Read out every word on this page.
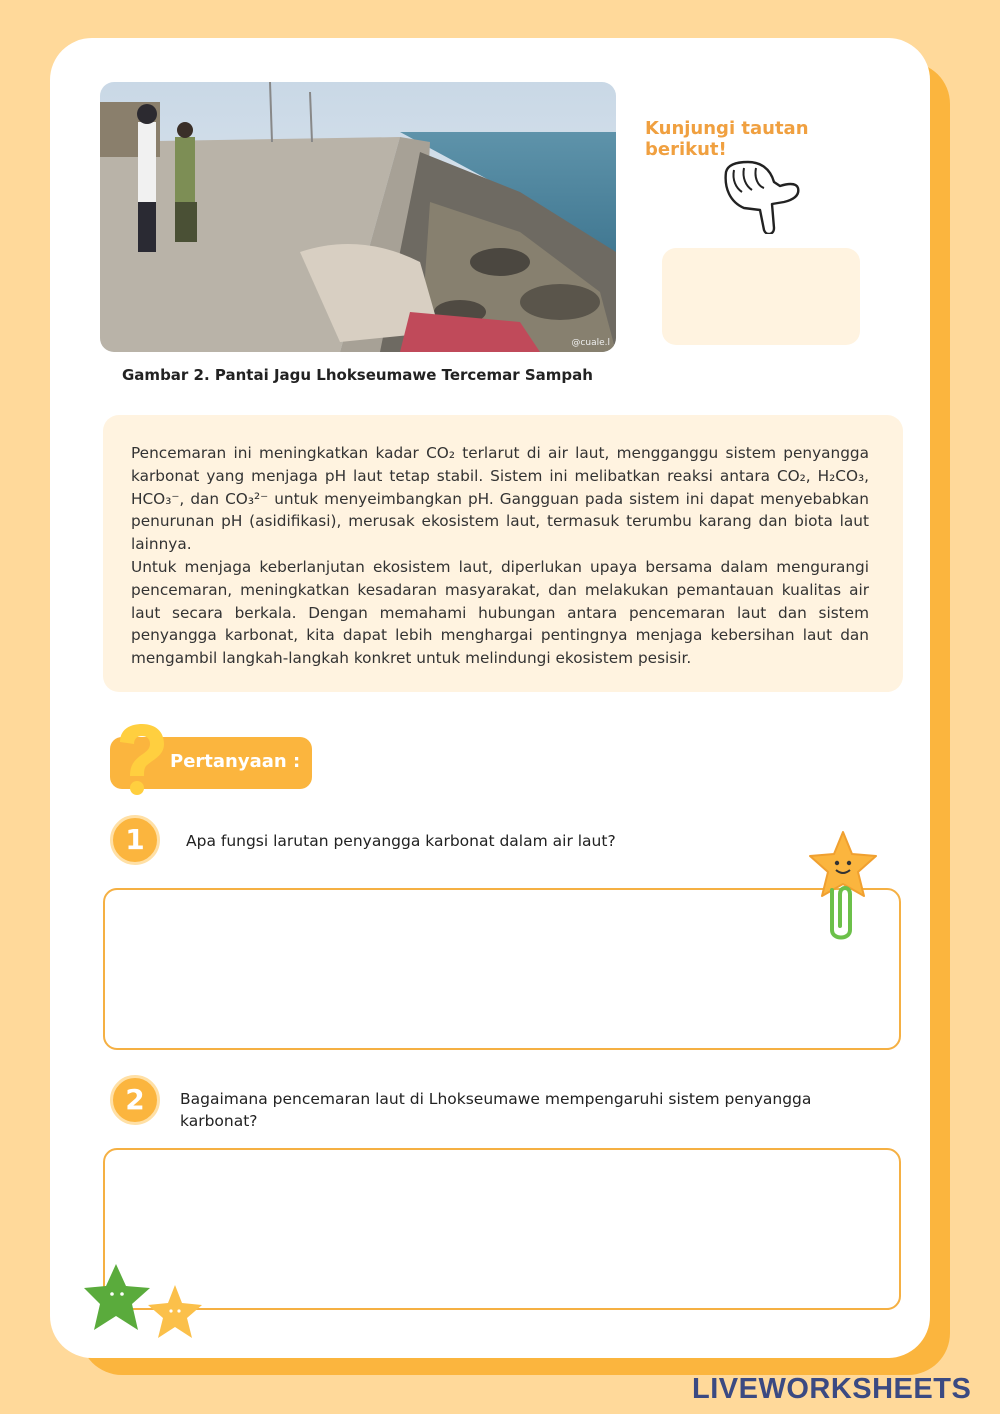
@cuale.l
Gambar 2. Pantai Jagu Lhokseumawe Tercemar Sampah
Kunjungi tautan berikut!

Pencemaran ini meningkatkan kadar CO₂ terlarut di air laut, mengganggu sistem penyangga karbonat yang menjaga pH laut tetap stabil. Sistem ini melibatkan reaksi antara CO₂, H₂CO₃, HCO₃⁻, dan CO₃²⁻ untuk menyeimbangkan pH. Gangguan pada sistem ini dapat menyebabkan penurunan pH (asidifikasi), merusak ekosistem laut, termasuk terumbu karang dan biota laut lainnya.

Untuk menjaga keberlanjutan ekosistem laut, diperlukan upaya bersama dalam mengurangi pencemaran, meningkatkan kesadaran masyarakat, dan melakukan pemantauan kualitas air laut secara berkala. Dengan memahami hubungan antara pencemaran laut dan sistem penyangga karbonat, kita dapat lebih menghargai pentingnya menjaga kebersihan laut dan mengambil langkah-langkah konkret untuk melindungi ekosistem pesisir.

Pertanyaan :
1	Apa fungsi larutan penyangga karbonat dalam air laut?
2	Bagaimana pencemaran laut di Lhokseumawe mempengaruhi sistem penyangga karbonat?
LIVEWORKSHEETS
